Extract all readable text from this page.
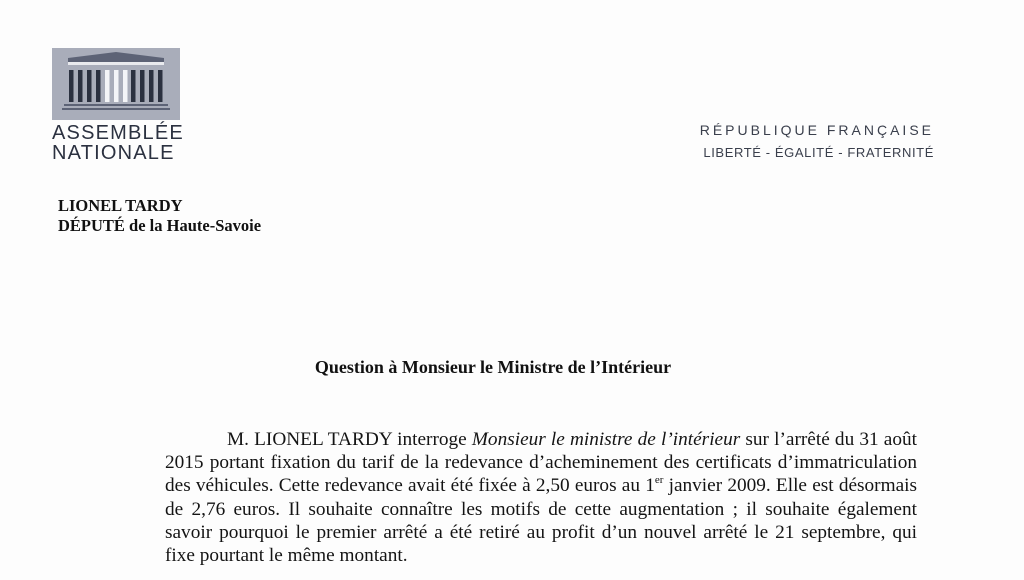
ASSEMBLÉE
NATIONALE
RÉPUBLIQUE FRANÇAISE
LIBERTÉ - ÉGALITÉ - FRATERNITÉ
LIONEL TARDY
DÉPUTÉ de la Haute-Savoie
Question à Monsieur le Ministre de l’Intérieur
M. LIONEL TARDY interroge Monsieur le ministre de l’intérieur sur l’arrêté du 31 août 2015 portant fixation du tarif de la redevance d’acheminement des certificats d’immatriculation des véhicules. Cette redevance avait été fixée à 2,50 euros au 1er janvier 2009. Elle est désormais de 2,76 euros. Il souhaite connaître les motifs de cette augmentation ; il souhaite également savoir pourquoi le premier arrêté a été retiré au profit d’un nouvel arrêté le 21 septembre, qui fixe pourtant le même montant.
